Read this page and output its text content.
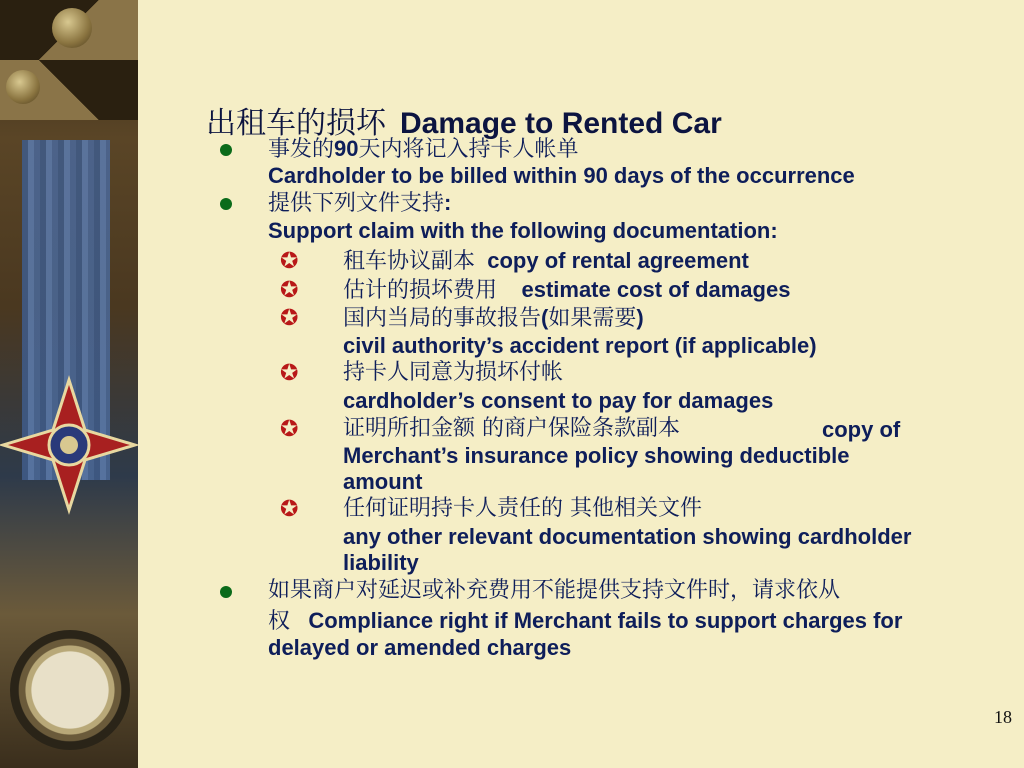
出租车的损坏 Damage to Rented Car
事发的90天内将记入持卡人帐单
Cardholder to be billed within 90 days of the occurrence
提供下列文件支持:
Support claim with the following documentation:
✪ 租车协议副本 copy of rental agreement
✪ 估计的损坏费用 estimate cost of damages
✪ 国内当局的事故报告(如果需要)
civil authority’s accident report (if applicable)
✪ 持卡人同意为损坏付帐
cardholder’s consent to pay for damages
✪ 证明所扣金额 的商户保险条款副本	copy of
Merchant’s insurance policy showing deductible
amount
✪ 任何证明持卡人责任的 其他相关文件
any other relevant documentation showing cardholder
liability
如果商户对延迟或补充费用不能提供支持文件时，请求依从
权 Compliance right if Merchant fails to support charges for
delayed or amended charges
18
